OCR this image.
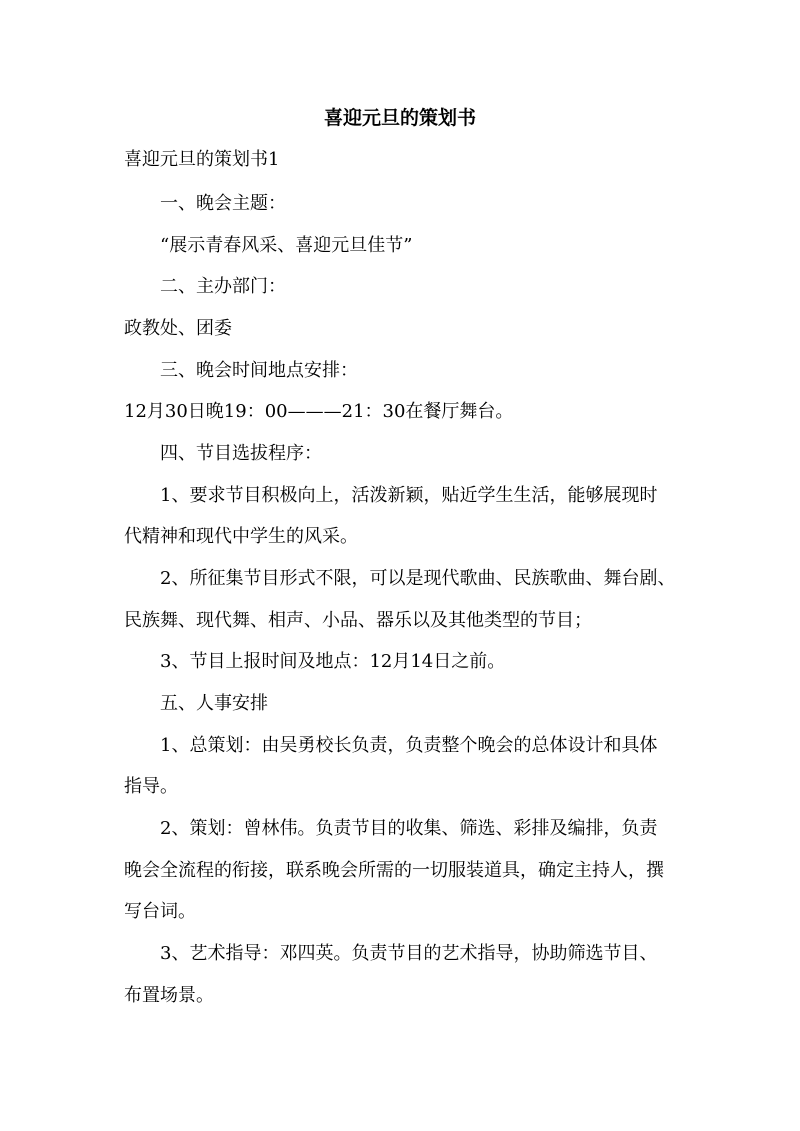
喜迎元旦的策划书
喜迎元旦的策划书1
一、晚会主题：
“展示青春风采、喜迎元旦佳节”
二、主办部门：
政教处、团委
三、晚会时间地点安排：
12月30日晚19：00———21：30在餐厅舞台。
四、节目选拔程序：
1、要求节目积极向上，活泼新颖，贴近学生生活，能够展现时
代精神和现代中学生的风采。
2、所征集节目形式不限，可以是现代歌曲、民族歌曲、舞台剧、
民族舞、现代舞、相声、小品、器乐以及其他类型的节目；
3、节目上报时间及地点：12月14日之前。
五、人事安排
1、总策划：由吴勇校长负责，负责整个晚会的总体设计和具体
指导。
2、策划：曾林伟。负责节目的收集、筛选、彩排及编排，负责
晚会全流程的衔接，联系晚会所需的一切服装道具，确定主持人，撰
写台词。
3、艺术指导：邓四英。负责节目的艺术指导，协助筛选节目、
布置场景。
